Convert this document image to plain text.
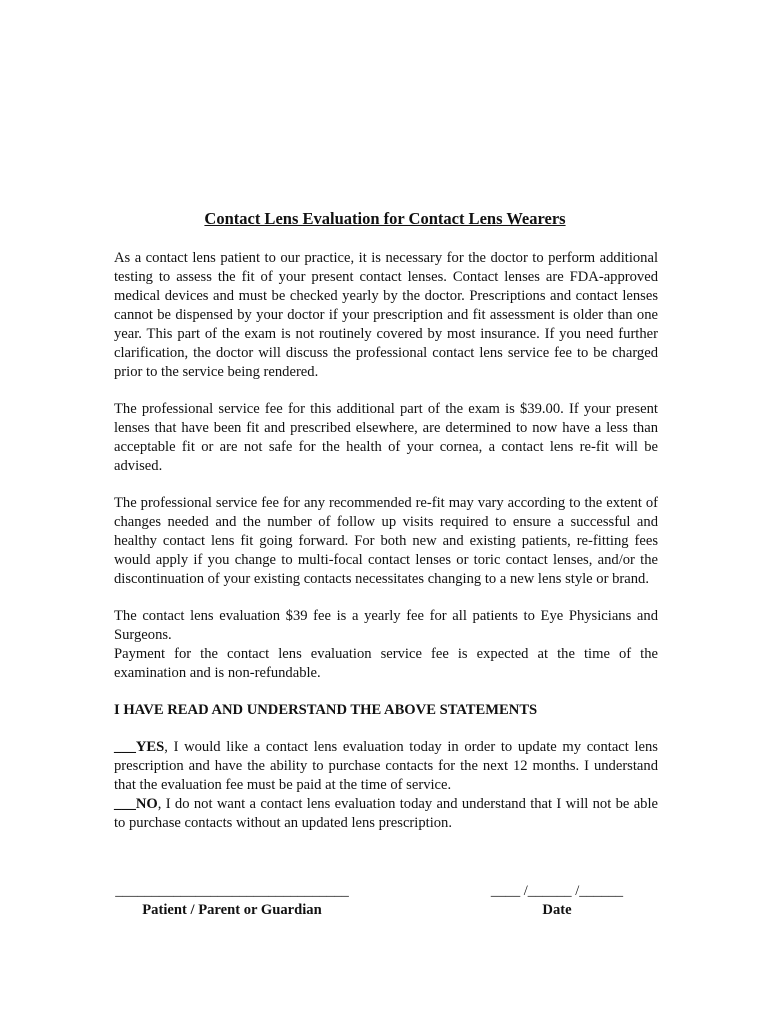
Contact Lens Evaluation for Contact Lens Wearers

As a contact lens patient to our practice, it is necessary for the doctor to perform additional testing to assess the fit of your present contact lenses. Contact lenses are FDA-approved medical devices and must be checked yearly by the doctor. Prescriptions and contact lenses cannot be dispensed by your doctor if your prescription and fit assessment is older than one year. This part of the exam is not routinely covered by most insurance. If you need further clarification, the doctor will discuss the professional contact lens service fee to be charged prior to the service being rendered.

The professional service fee for this additional part of the exam is $39.00. If your present lenses that have been fit and prescribed elsewhere, are determined to now have a less than acceptable fit or are not safe for the health of your cornea, a contact lens re-fit will be advised.

The professional service fee for any recommended re-fit may vary according to the extent of changes needed and the number of follow up visits required to ensure a successful and healthy contact lens fit going forward. For both new and existing patients, re-fitting fees would apply if you change to multi-focal contact lenses or toric contact lenses, and/or the discontinuation of your existing contacts necessitates changing to a new lens style or brand.

The contact lens evaluation $39 fee is a yearly fee for all patients to Eye Physicians and Surgeons.

Payment for the contact lens evaluation service fee is expected at the time of the examination and is non-refundable.

I HAVE READ AND UNDERSTAND THE ABOVE STATEMENTS

___YES, I would like a contact lens evaluation today in order to update my contact lens prescription and have the ability to purchase contacts for the next 12 months. I understand that the evaluation fee must be paid at the time of service.

___NO, I do not want a contact lens evaluation today and understand that I will not be able to purchase contacts without an updated lens prescription.

________________________________
Patient / Parent or Guardian
____ /______ /______
Date
